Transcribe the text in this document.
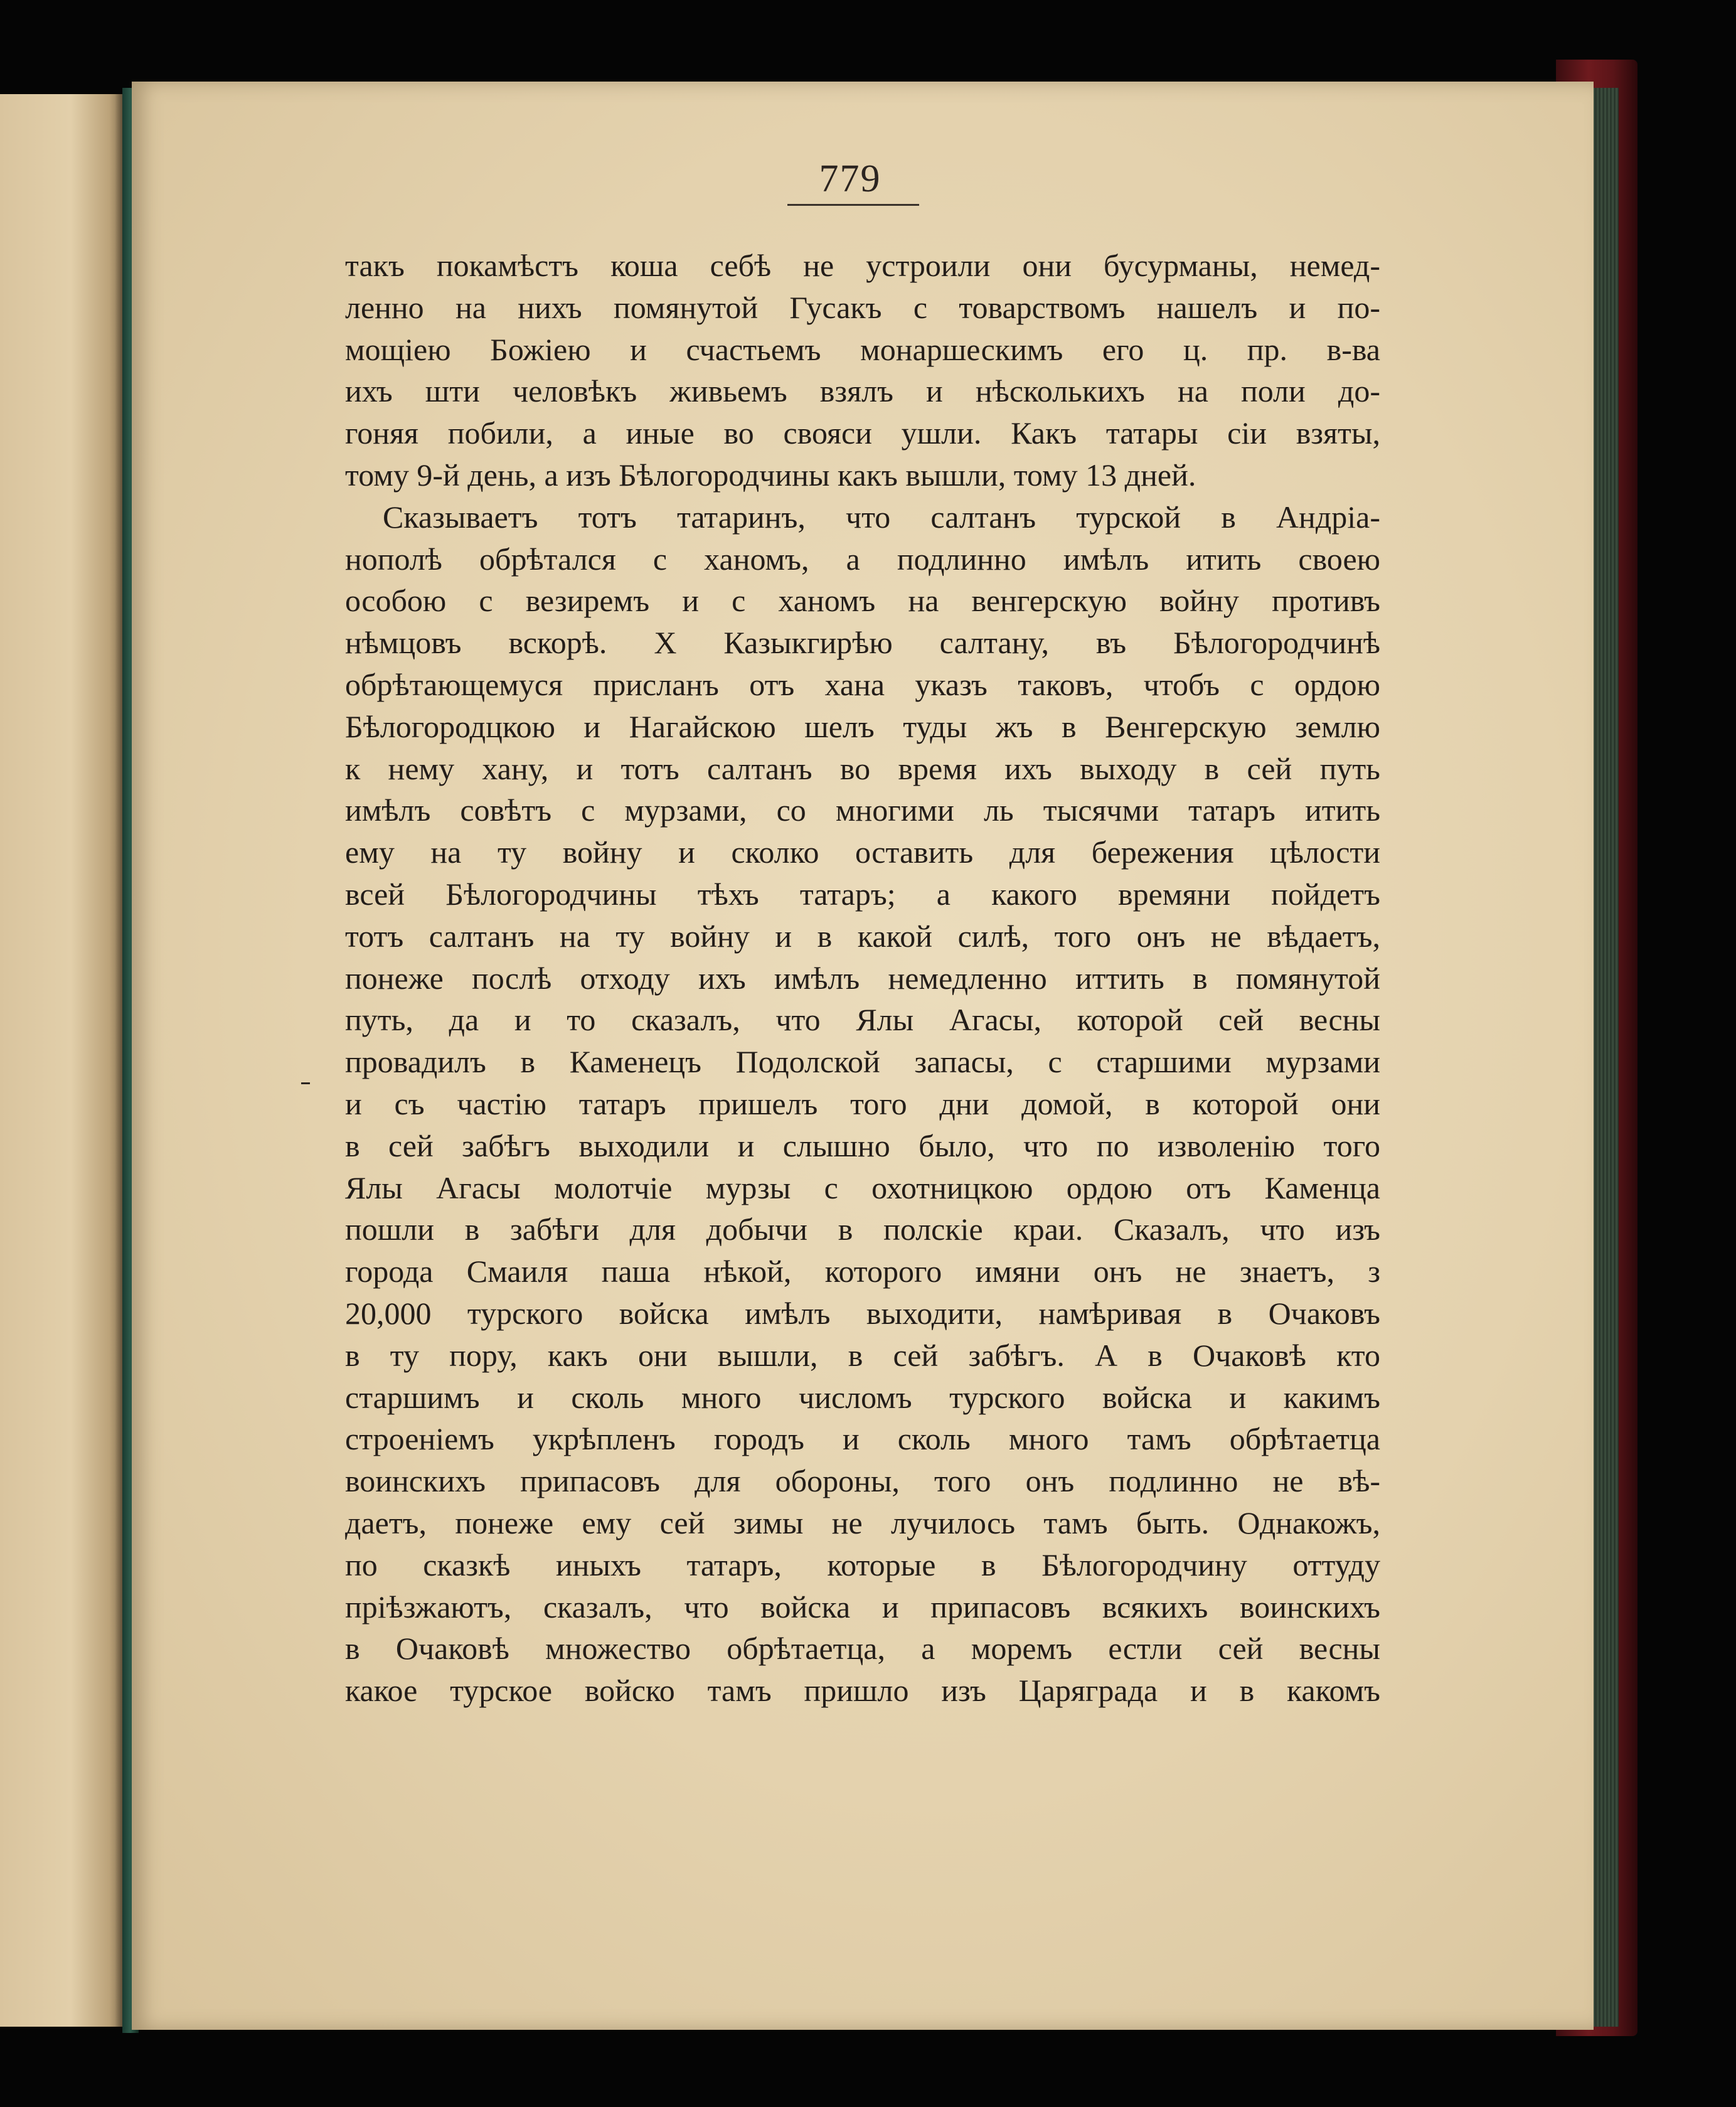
779
такъ покамѣстъ коша себѣ не устроили они бусурманы, немед-
ленно на нихъ помянутой Гусакъ с товарствомъ нашелъ и по-
мощiею Божiею и счастьемъ монаршескимъ его ц. пр. в-ва
ихъ шти человѣкъ живьемъ взялъ и нѣсколькихъ на поли до-
гоняя побили, а иные во свояси ушли. Какъ татары сiи взяты,
тому 9-й день, а изъ Бѣлогородчины какъ вышли, тому 13 дней.
Сказываетъ тотъ татаринъ, что салтанъ турской в Андрiа-
нополѣ обрѣтался с ханомъ, а подлинно имѣлъ итить своею
особою с везиремъ и с ханомъ на венгерскую войну противъ
нѣмцовъ вскорѣ. Х Казыкгирѣю салтану, въ Бѣлогородчинѣ
обрѣтающемуся присланъ отъ хана указъ таковъ, чтобъ с ордою
Бѣлогородцкою и Нагайскою шелъ туды жъ в Венгерскую землю
к нему хану, и тотъ салтанъ во время ихъ выходу в сей путь
имѣлъ совѣтъ с мурзами, со многими ль тысячми татаръ итить
ему на ту войну и сколко оставить для бережения цѣлости
всей Бѣлогородчины тѣхъ татаръ; а какого времяни пойдетъ
тотъ салтанъ на ту войну и в какой силѣ, того онъ не вѣдаетъ,
понеже послѣ отходу ихъ имѣлъ немедленно иттить в помянутой
путь, да и то сказалъ, что Ялы Агасы, которой сей весны
провадилъ в Каменецъ Подолской запасы, с старшими мурзами
и съ частiю татаръ пришелъ того дни домой, в которой они
в сей забѣгъ выходили и слышно было, что по изволенiю того
Ялы Агасы молотчiе мурзы с охотницкою ордою отъ Каменца
пошли в забѣги для добычи в полскiе краи. Сказалъ, что изъ
города Смаиля паша нѣкой, которого имяни онъ не знаетъ, з
20,000 турского войска имѣлъ выходити, намѣривая в Очаковъ
в ту пору, какъ они вышли, в сей забѣгъ. А в Очаковѣ кто
старшимъ и сколь много числомъ турского войска и какимъ
строенiемъ укрѣпленъ городъ и сколь много тамъ обрѣтаетца
воинскихъ припасовъ для обороны, того онъ подлинно не вѣ-
даетъ, понеже ему сей зимы не лучилось тамъ быть. Однакожъ,
по сказкѣ иныхъ татаръ, которые в Бѣлогородчину оттуду
прiѣзжаютъ, сказалъ, что войска и припасовъ всякихъ воинскихъ
в Очаковѣ множество обрѣтаетца, а моремъ естли сей весны
какое турское войско тамъ пришло изъ Царяграда и в какомъ
